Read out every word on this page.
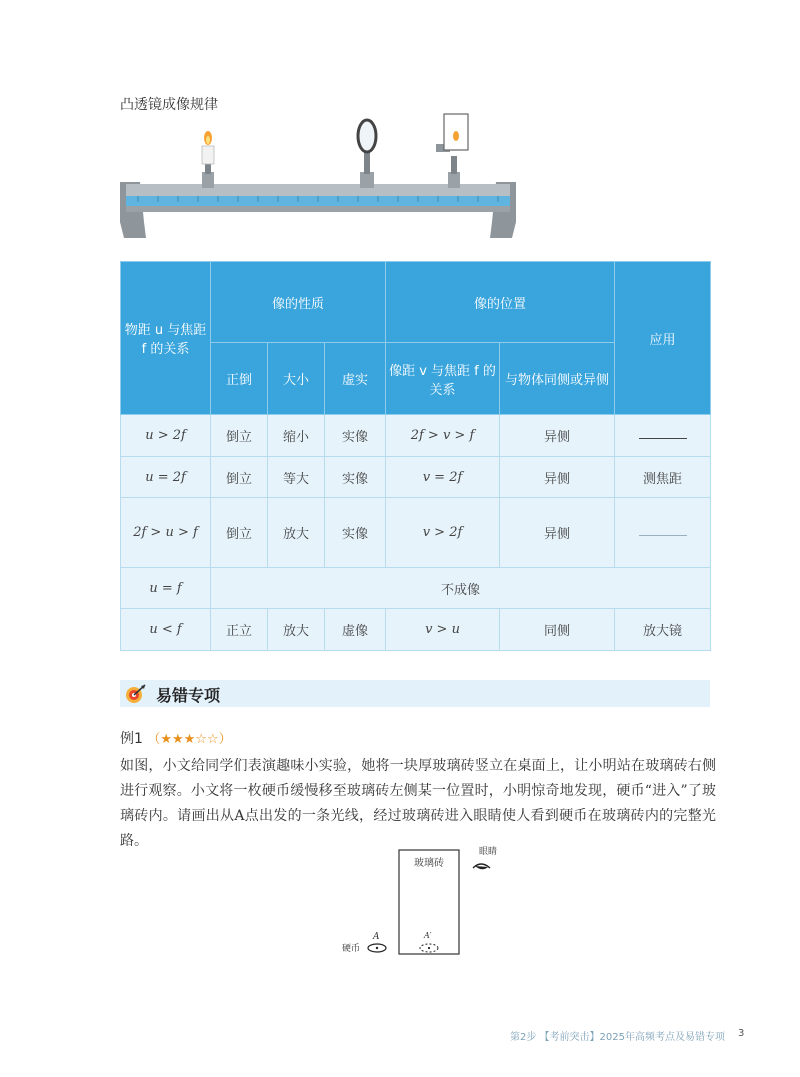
凸透镜成像规律
物距 u 与焦距 f 的关系	像的性质			像的位置		应用
	正倒	大小	虚实	像距 v 与焦距 f 的关系	与物体同侧或异侧	
u > 2f	倒立	缩小	实像	2f > v > f	异侧	
u = 2f	倒立	等大	实像	v = 2f	异侧	测焦距
2f > u > f	倒立	放大	实像	v > 2f	异侧	
u = f	不成像					
u < f	正立	放大	虚像	v > u	同侧	放大镜
易错专项
例1 （★★★☆☆）
如图，小文给同学们表演趣味小实验，她将一块厚玻璃砖竖立在桌面上，让小明站在玻璃砖右侧进行观察。小文将一枚硬币缓慢移至玻璃砖左侧某一位置时，小明惊奇地发现，硬币“进入”了玻璃砖内。请画出从A点出发的一条光线，经过玻璃砖进入眼睛使人看到硬币在玻璃砖内的完整光路。
玻璃砖
眼睛
硬币
A	A′
第2步 【考前突击】2025年高频考点及易错专项 3
